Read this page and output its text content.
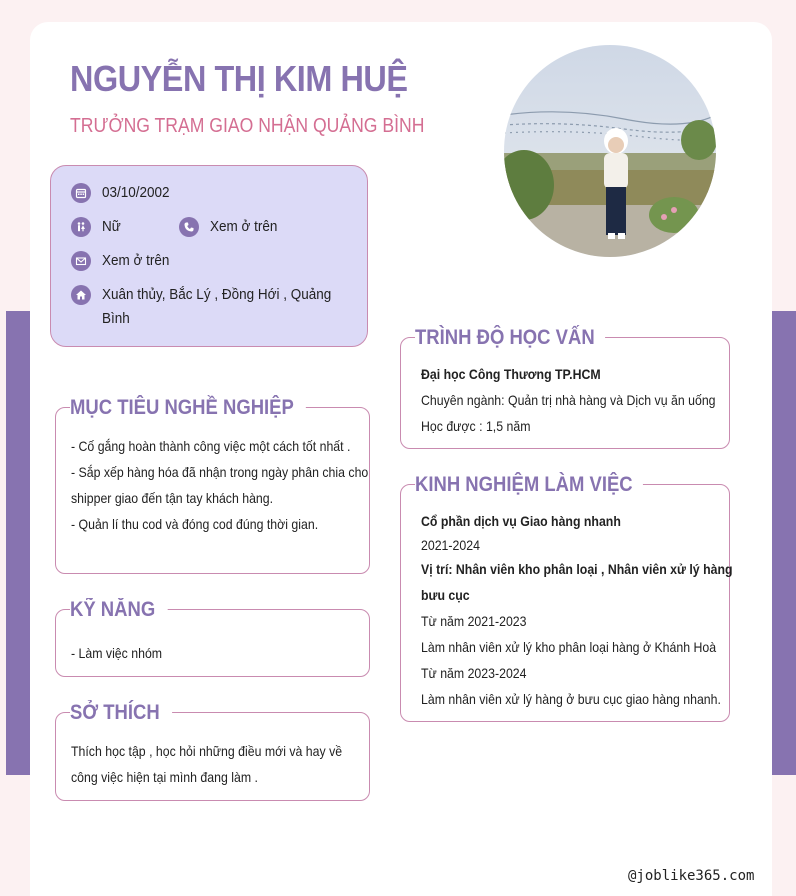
NGUYỄN THỊ KIM HUỆ
TRƯỞNG TRẠM GIAO NHẬN QUẢNG BÌNH
03/10/2002
Nữ	Xem ở trên
Xem ở trên
Xuân thủy, Bắc Lý , Đồng Hới , Quảng
Bình
MỤC TIÊU NGHỀ NGHIỆP

- Cố gắng hoàn thành công việc một cách tốt nhất .

- Sắp xếp hàng hóa đã nhận trong ngày phân chia cho

shipper giao đến tận tay khách hàng.

- Quản lí thu cod và đóng cod đúng thời gian.

KỸ NĂNG

- Làm việc nhóm

SỞ THÍCH

Thích học tập , học hỏi những điều mới và hay về

công việc hiện tại mình đang làm .

TRÌNH ĐỘ HỌC VẤN

Đại học Công Thương TP.HCM

Chuyên ngành: Quản trị nhà hàng và Dịch vụ ăn uống

Học được : 1,5 năm

KINH NGHIỆM LÀM VIỆC

Cổ phần dịch vụ Giao hàng nhanh

2021-2024

Vị trí: Nhân viên kho phân loại , Nhân viên xử lý hàng

bưu cục

Từ năm 2021-2023

Làm nhân viên xử lý kho phân loại hàng ở Khánh Hoà

Từ năm 2023-2024

Làm nhân viên xử lý hàng ở bưu cục giao hàng nhanh.

@joblike365.com
